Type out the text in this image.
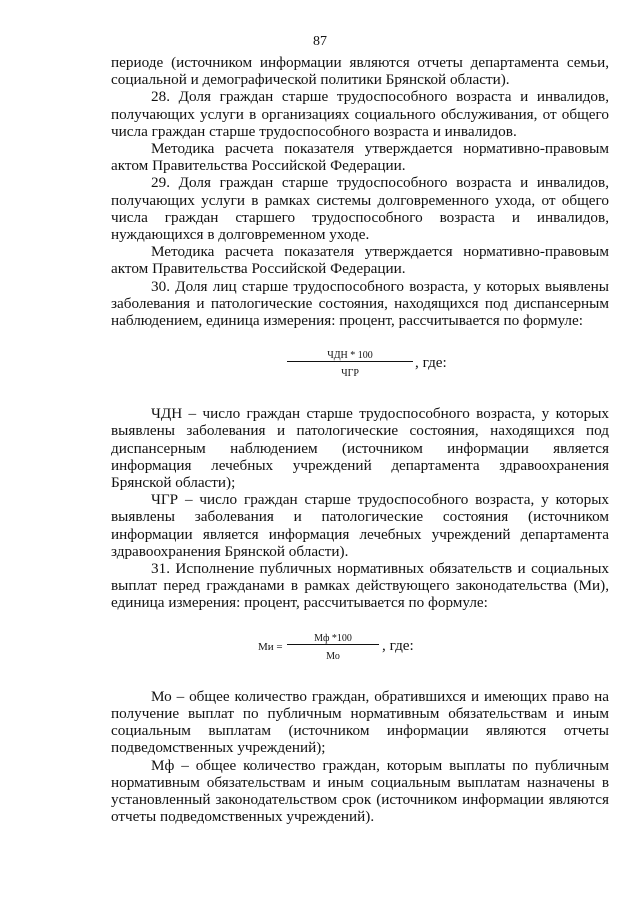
87

периоде (источником информации являются отчеты департамента семьи, социальной и демографической политики Брянской области).

28. Доля граждан старше трудоспособного возраста и инвалидов, получающих услуги в организациях социального обслуживания, от общего числа граждан старше трудоспособного возраста и инвалидов.

Методика расчета показателя утверждается нормативно-правовым актом Правительства Российской Федерации.

29. Доля граждан старше трудоспособного возраста и инвалидов, получающих услуги в рамках системы долговременного ухода, от общего числа граждан старшего трудоспособного возраста и инвалидов, нуждающихся в долговременном уходе.

Методика расчета показателя утверждается нормативно-правовым актом Правительства Российской Федерации.

30. Доля лиц старше трудоспособного возраста, у которых выявлены заболевания и патологические состояния, находящихся под диспансерным наблюдением, единица измерения: процент, рассчитывается по формуле:

ЧДН * 100
ЧГР
, где:

ЧДН – число граждан старше трудоспособного возраста, у которых выявлены заболевания и патологические состояния, находящихся под диспансерным наблюдением (источником информации является информация лечебных учреждений департамента здравоохранения Брянской области);

ЧГР – число граждан старше трудоспособного возраста, у которых выявлены заболевания и патологические состояния (источником информации является информация лечебных учреждений департамента здравоохранения Брянской области).

31. Исполнение публичных нормативных обязательств и социальных выплат перед гражданами в рамках действующего законодательства (Ми), единица измерения: процент, рассчитывается по формуле:

Ми =
Мф *100
Мо
, где:

Мо – общее количество граждан, обратившихся и имеющих право на получение выплат по публичным нормативным обязательствам и иным социальным выплатам (источником информации являются отчеты подведомственных учреждений);

Мф – общее количество граждан, которым выплаты по публичным нормативным обязательствам и иным социальным выплатам назначены в установленный законодательством срок (источником информации являются отчеты подведомственных учреждений).
